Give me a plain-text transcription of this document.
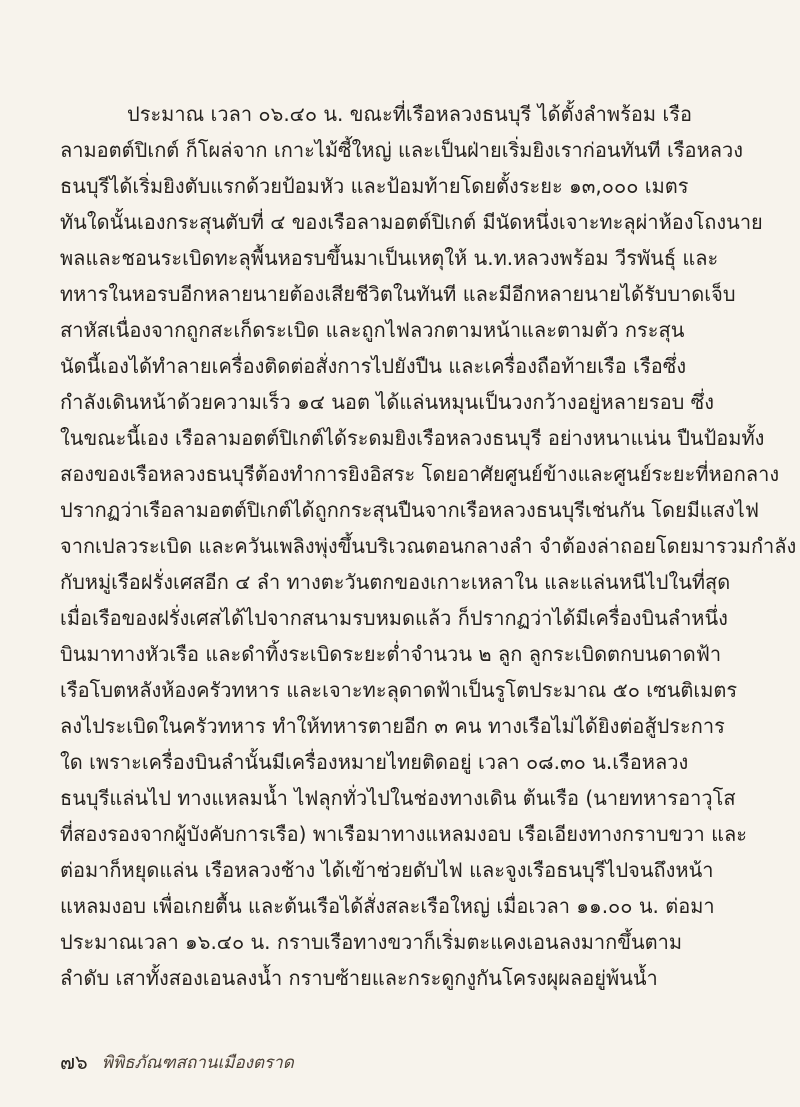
ประมาณ เวลา ๐๖.๔๐ น. ขณะที่เรือหลวงธนบุรี ได้ตั้งลำพร้อม เรือ
ลามอตต์ปิเกต์ ก็โผล่จาก เกาะไม้ซี้ใหญ่ และเป็นฝ่ายเริ่มยิงเราก่อนทันที เรือหลวง
ธนบุรีได้เริ่มยิงตับแรกด้วยป้อมหัว และป้อมท้ายโดยตั้งระยะ ๑๓,๐๐๐ เมตร
ทันใดนั้นเองกระสุนตับที่ ๔ ของเรือลามอตต์ปิเกต์ มีนัดหนึ่งเจาะทะลุผ่าห้องโถงนาย
พลและชอนระเบิดทะลุพื้นหอรบขึ้นมาเป็นเหตุให้ น.ท.หลวงพร้อม วีรพันธุ์ และ
ทหารในหอรบอีกหลายนายต้องเสียชีวิตในทันที และมีอีกหลายนายได้รับบาดเจ็บ
สาหัสเนื่องจากถูกสะเก็ดระเบิด และถูกไฟลวกตามหน้าและตามตัว กระสุน
นัดนี้เองได้ทำลายเครื่องติดต่อสั่งการไปยังปืน และเครื่องถือท้ายเรือ เรือซึ่ง
กำลังเดินหน้าด้วยความเร็ว ๑๔ นอต ได้แล่นหมุนเป็นวงกว้างอยู่หลายรอบ ซึ่ง
ในขณะนี้เอง เรือลามอตต์ปิเกต์ได้ระดมยิงเรือหลวงธนบุรี อย่างหนาแน่น ปืนป้อมทั้ง
สองของเรือหลวงธนบุรีต้องทำการยิงอิสระ โดยอาศัยศูนย์ข้างและศูนย์ระยะที่หอกลาง
ปรากฏว่าเรือลามอตต์ปิเกต์ได้ถูกกระสุนปืนจากเรือหลวงธนบุรีเช่นกัน โดยมีแสงไฟ
จากเปลวระเบิด และควันเพลิงพุ่งขึ้นบริเวณตอนกลางลำ จำต้องล่าถอยโดยมารวมกำลัง
กับหมู่เรือฝรั่งเศสอีก ๔ ลำ ทางตะวันตกของเกาะเหลาใน และแล่นหนีไปในที่สุด
เมื่อเรือของฝรั่งเศสได้ไปจากสนามรบหมดแล้ว ก็ปรากฏว่าได้มีเครื่องบินลำหนึ่ง
บินมาทางหัวเรือ และดำทิ้งระเบิดระยะต่ำจำนวน ๒ ลูก ลูกระเบิดตกบนดาดฟ้า
เรือโบตหลังห้องครัวทหาร และเจาะทะลุดาดฟ้าเป็นรูโตประมาณ ๕๐ เซนติเมตร
ลงไประเบิดในครัวทหาร ทำให้ทหารตายอีก ๓ คน ทางเรือไม่ได้ยิงต่อสู้ประการ
ใด เพราะเครื่องบินลำนั้นมีเครื่องหมายไทยติดอยู่ เวลา ๐๘.๓๐ น.เรือหลวง
ธนบุรีแล่นไป ทางแหลมน้ำ ไฟลุกทั่วไปในช่องทางเดิน ต้นเรือ (นายทหารอาวุโส
ที่สองรองจากผู้บังคับการเรือ) พาเรือมาทางแหลมงอบ เรือเอียงทางกราบขวา และ
ต่อมาก็หยุดแล่น เรือหลวงช้าง ได้เข้าช่วยดับไฟ และจูงเรือธนบุรีไปจนถึงหน้า
แหลมงอบ เพื่อเกยตื้น และต้นเรือได้สั่งสละเรือใหญ่ เมื่อเวลา ๑๑.๐๐ น. ต่อมา
ประมาณเวลา ๑๖.๔๐ น. กราบเรือทางขวาก็เริ่มตะแคงเอนลงมากขึ้นตาม
ลำดับ เสาทั้งสองเอนลงน้ำ กราบซ้ายและกระดูกงูกันโครงผุผลอยู่พ้นน้ำ
๗๖ พิพิธภัณฑสถานเมืองตราด
